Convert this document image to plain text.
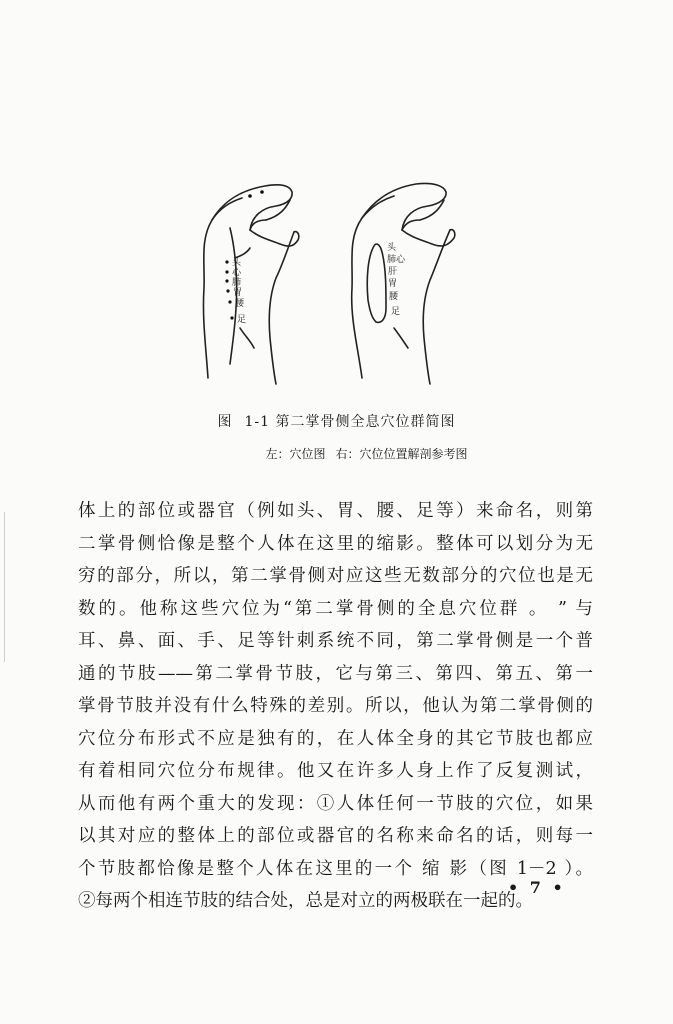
头
心
肺
胃
腰
足
头
肺心
肝
胃
腰
足
图 1-1 第二掌骨侧全息穴位群简图
左：穴位图 右：穴位位置解剖参考图
体上的部位或器官（例如头、胃、腰、足等）来命名，则第
二掌骨侧恰像是整个人体在这里的缩影。整体可以划分为无
穷的部分，所以，第二掌骨侧对应这些无数部分的穴位也是无
数的。他称这些穴位为“第二掌骨侧的全息穴位群 。 ” 与
耳、鼻、面、手、足等针刺系统不同，第二掌骨侧是一个普
通的节肢——第二掌骨节肢，它与第三、第四、第五、第一
掌骨节肢并没有什么特殊的差别。所以，他认为第二掌骨侧的
穴位分布形式不应是独有的，在人体全身的其它节肢也都应
有着相同穴位分布规律。他又在许多人身上作了反复测试，
从而他有两个重大的发现：①人体任何一节肢的穴位，如果
以其对应的整体上的部位或器官的名称来命名的话，则每一
个节肢都恰像是整个人体在这里的一个 缩 影（图 1－2 ）。
②每两个相连节肢的结合处，总是对立的两极联在一起的。
• 7 •
